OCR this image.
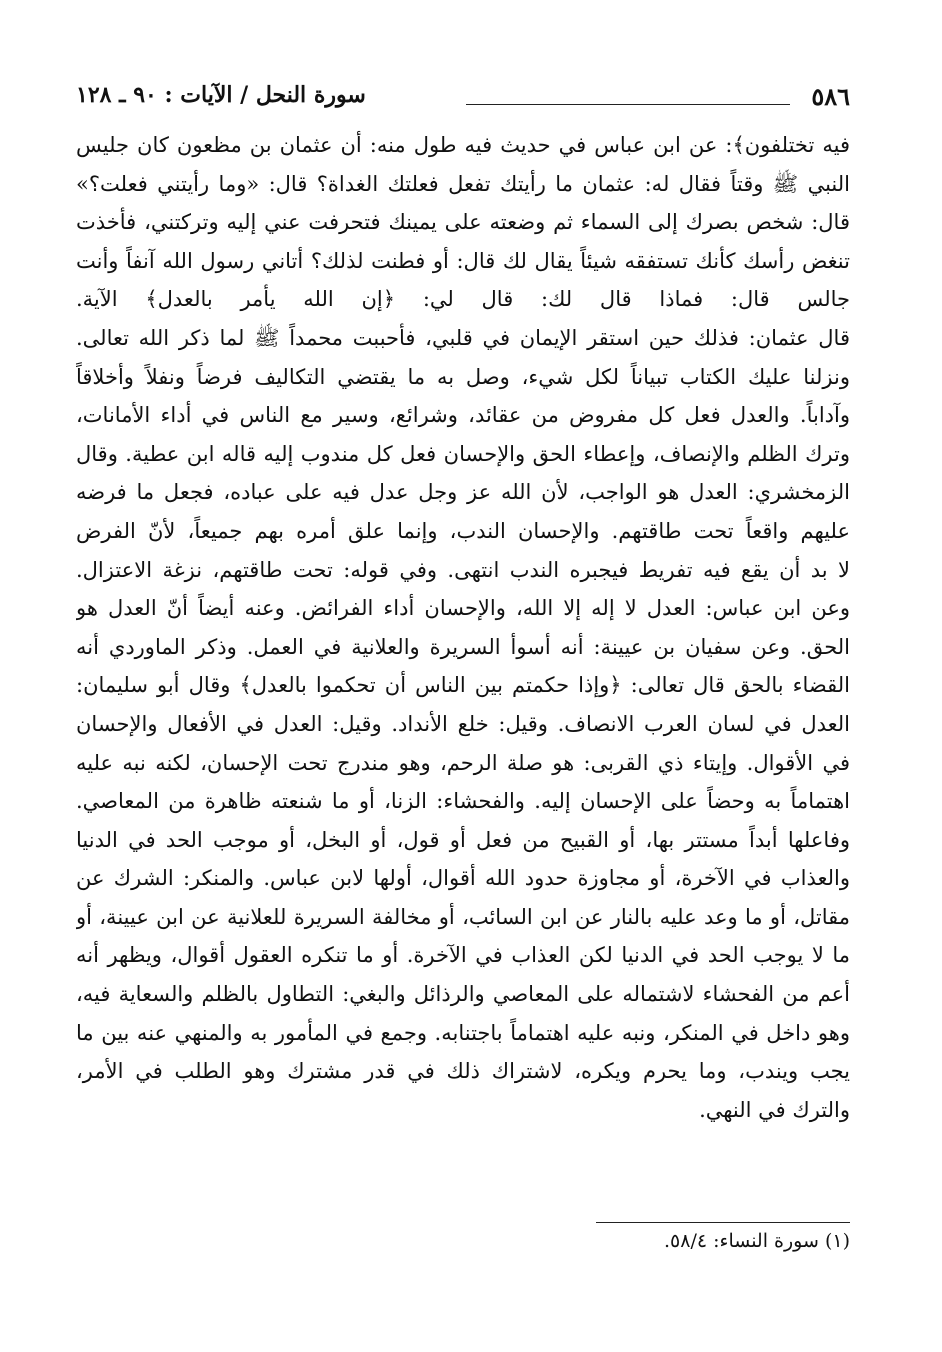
٥٨٦
سورة النحل / الآيات : ٩٠ ـ ١٢٨
فيه تختلفون﴾: عن ابن عباس في حديث فيه طول منه: أن عثمان بن مظعون كان جليس
النبي ﷺ وقتاً فقال له: عثمان ما رأيتك تفعل فعلتك الغداة؟ قال: «وما رأيتني فعلت؟»
قال: شخص بصرك إلى السماء ثم وضعته على يمينك فتحرفت عني إليه وتركتني، فأخذت
تنغض رأسك كأنك تستفقه شيئاً يقال لك قال: أو فطنت لذلك؟ أتاني رسول الله آنفاً وأنت
جالس قال: فماذا قال لك: قال لي: ﴿إن الله يأمر بالعدل﴾ الآية.
قال عثمان: فذلك حين استقر الإيمان في قلبي، فأحببت محمداً ﷺ لما ذكر الله تعالى.
ونزلنا عليك الكتاب تبياناً لكل شيء، وصل به ما يقتضي التكاليف فرضاً ونفلاً وأخلاقاً
وآداباً. والعدل فعل كل مفروض من عقائد، وشرائع، وسير مع الناس في أداء الأمانات،
وترك الظلم والإنصاف، وإعطاء الحق والإحسان فعل كل مندوب إليه قاله ابن عطية. وقال
الزمخشري: العدل هو الواجب، لأن الله عز وجل عدل فيه على عباده، فجعل ما فرضه
عليهم واقعاً تحت طاقتهم. والإحسان الندب، وإنما علق أمره بهم جميعاً، لأنّ الفرض
لا بد أن يقع فيه تفريط فيجبره الندب انتهى. وفي قوله: تحت طاقتهم، نزغة الاعتزال.
وعن ابن عباس: العدل لا إله إلا الله، والإحسان أداء الفرائض. وعنه أيضاً أنّ العدل هو
الحق. وعن سفيان بن عيينة: أنه أسوأ السريرة والعلانية في العمل. وذكر الماوردي أنه
القضاء بالحق قال تعالى: ﴿وإذا حكمتم بين الناس أن تحكموا بالعدل﴾ وقال أبو سليمان:
العدل في لسان العرب الانصاف. وقيل: خلع الأنداد. وقيل: العدل في الأفعال والإحسان
في الأقوال. وإيتاء ذي القربى: هو صلة الرحم، وهو مندرج تحت الإحسان، لكنه نبه عليه
اهتماماً به وحضاً على الإحسان إليه. والفحشاء: الزنا، أو ما شنعته ظاهرة من المعاصي.
وفاعلها أبداً مستتر بها، أو القبيح من فعل أو قول، أو البخل، أو موجب الحد في الدنيا
والعذاب في الآخرة، أو مجاوزة حدود الله أقوال، أولها لابن عباس. والمنكر: الشرك عن
مقاتل، أو ما وعد عليه بالنار عن ابن السائب، أو مخالفة السريرة للعلانية عن ابن عيينة، أو
ما لا يوجب الحد في الدنيا لكن العذاب في الآخرة. أو ما تنكره العقول أقوال، ويظهر أنه
أعم من الفحشاء لاشتماله على المعاصي والرذائل والبغي: التطاول بالظلم والسعاية فيه،
وهو داخل في المنكر، ونبه عليه اهتماماً باجتنابه. وجمع في المأمور به والمنهي عنه بين ما
يجب ويندب، وما يحرم ويكره، لاشتراك ذلك في قدر مشترك وهو الطلب في الأمر،
والترك في النهي.
(١) سورة النساء: ٥٨/٤.
